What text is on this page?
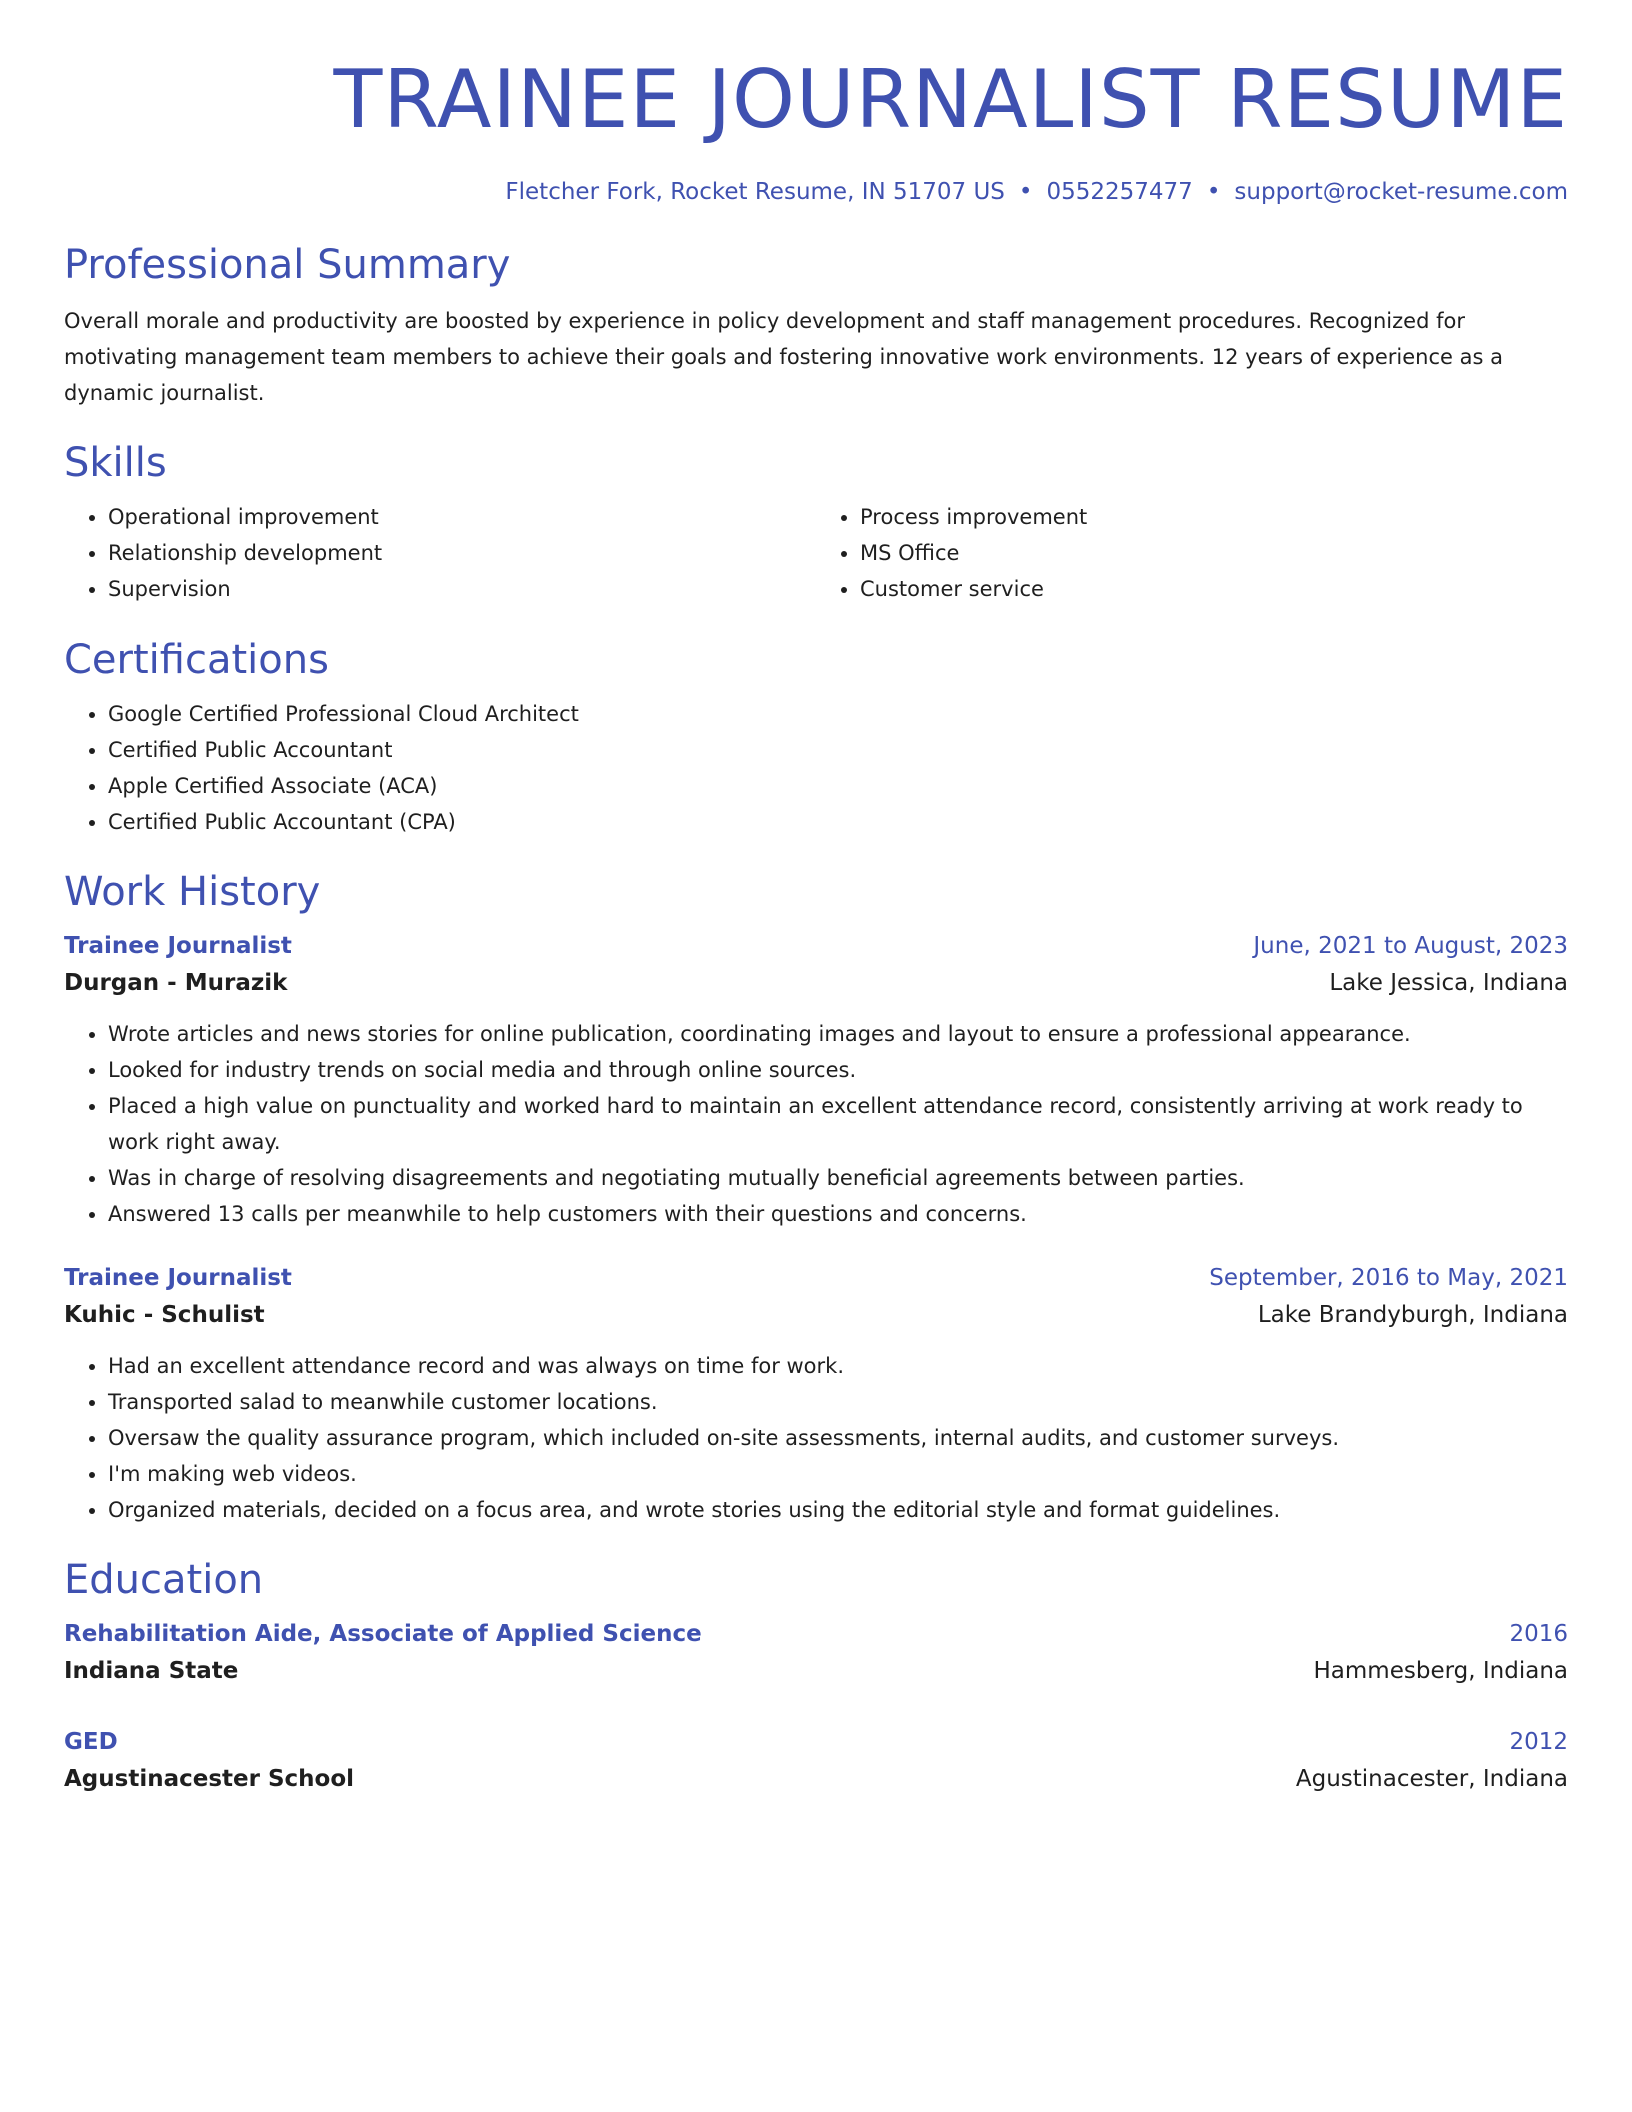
TRAINEE JOURNALIST RESUME
Fletcher Fork, Rocket Resume, IN 51707 US • 0552257477 • support@rocket-resume.com
Professional Summary

Overall morale and productivity are boosted by experience in policy development and staff management procedures. Recognized for motivating management team members to achieve their goals and fostering innovative work environments. 12 years of experience as a dynamic journalist.

Skills
• Operational improvement
• Relationship development
• Supervision
• Process improvement
• MS Office
• Customer service
Certifications
• Google Certified Professional Cloud Architect
• Certified Public Accountant
• Apple Certified Associate (ACA)
• Certified Public Accountant (CPA)
Work History
Trainee Journalist	June, 2021 to August, 2023
Durgan - Murazik	Lake Jessica, Indiana
• Wrote articles and news stories for online publication, coordinating images and layout to ensure a professional appearance.
• Looked for industry trends on social media and through online sources.
• Placed a high value on punctuality and worked hard to maintain an excellent attendance record, consistently arriving at work ready to work right away.
• Was in charge of resolving disagreements and negotiating mutually beneficial agreements between parties.
• Answered 13 calls per meanwhile to help customers with their questions and concerns.
Trainee Journalist	September, 2016 to May, 2021
Kuhic - Schulist	Lake Brandyburgh, Indiana
• Had an excellent attendance record and was always on time for work.
• Transported salad to meanwhile customer locations.
• Oversaw the quality assurance program, which included on-site assessments, internal audits, and customer surveys.
• I'm making web videos.
• Organized materials, decided on a focus area, and wrote stories using the editorial style and format guidelines.
Education
Rehabilitation Aide, Associate of Applied Science	2016
Indiana State	Hammesberg, Indiana
GED	2012
Agustinacester School	Agustinacester, Indiana
